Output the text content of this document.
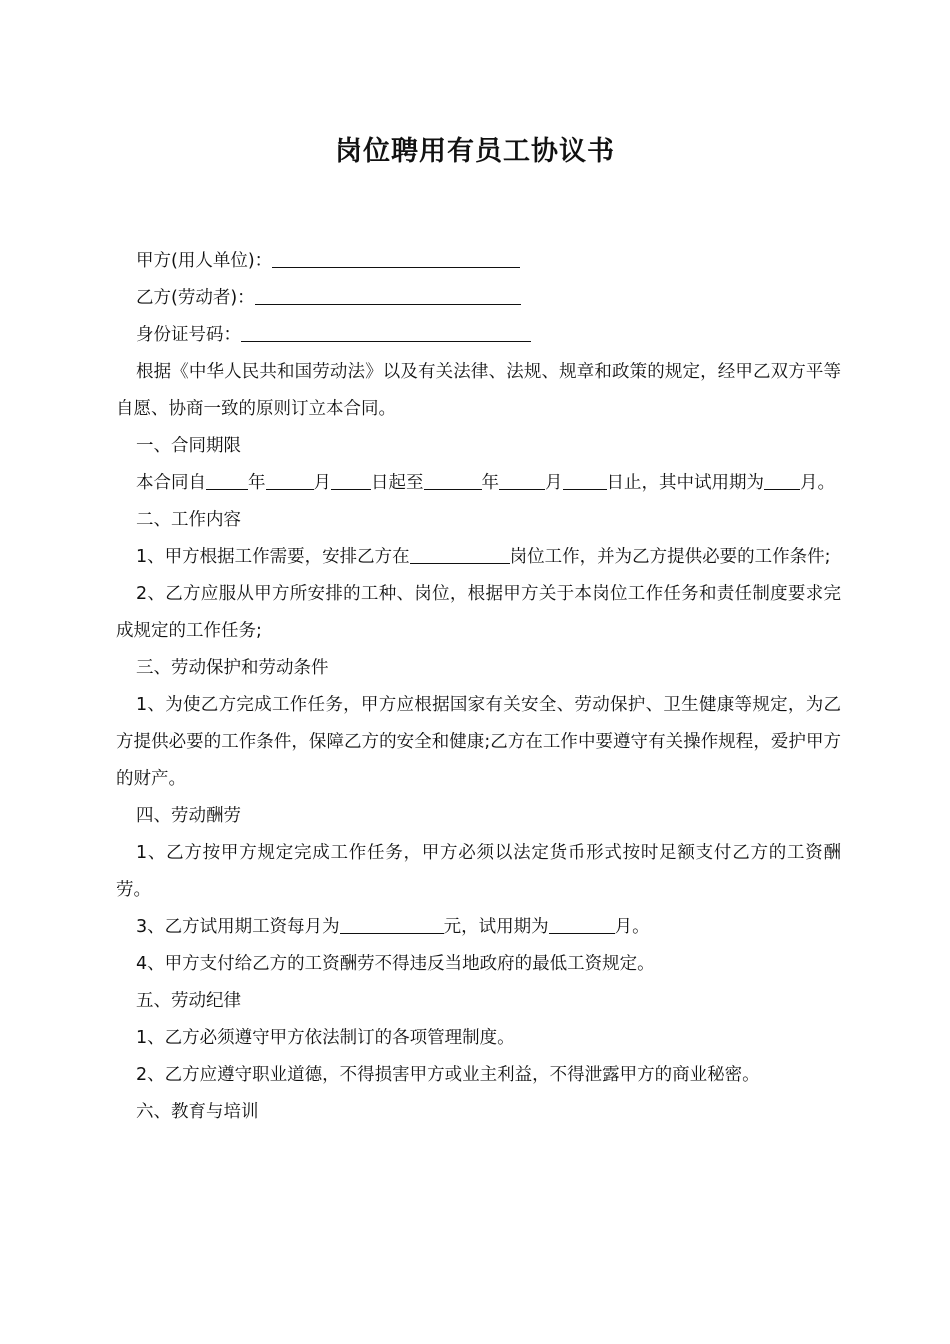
岗位聘用有员工协议书

甲方(用人单位)：

乙方(劳动者)：

身份证号码：

根据《中华人民共和国劳动法》以及有关法律、法规、规章和政策的规定，经甲乙双方平等自愿、协商一致的原则订立本合同。

一、合同期限

本合同自 年	月 日起至	年	月	日止，其中试用期为 月。

二、工作内容

1、甲方根据工作需要，安排乙方在	岗位工作，并为乙方提供必要的工作条件;

2、乙方应服从甲方所安排的工种、岗位，根据甲方关于本岗位工作任务和责任制度要求完成规定的工作任务;

三、劳动保护和劳动条件

1、为使乙方完成工作任务，甲方应根据国家有关安全、劳动保护、卫生健康等规定，为乙方提供必要的工作条件，保障乙方的安全和健康;乙方在工作中要遵守有关操作规程，爱护甲方的财产。

四、劳动酬劳

1、乙方按甲方规定完成工作任务，甲方必须以法定货币形式按时足额支付乙方的工资酬劳。

3、乙方试用期工资每月为	元，试用期为	月。

4、甲方支付给乙方的工资酬劳不得违反当地政府的最低工资规定。

五、劳动纪律

1、乙方必须遵守甲方依法制订的各项管理制度。

2、乙方应遵守职业道德，不得损害甲方或业主利益，不得泄露甲方的商业秘密。

六、教育与培训
